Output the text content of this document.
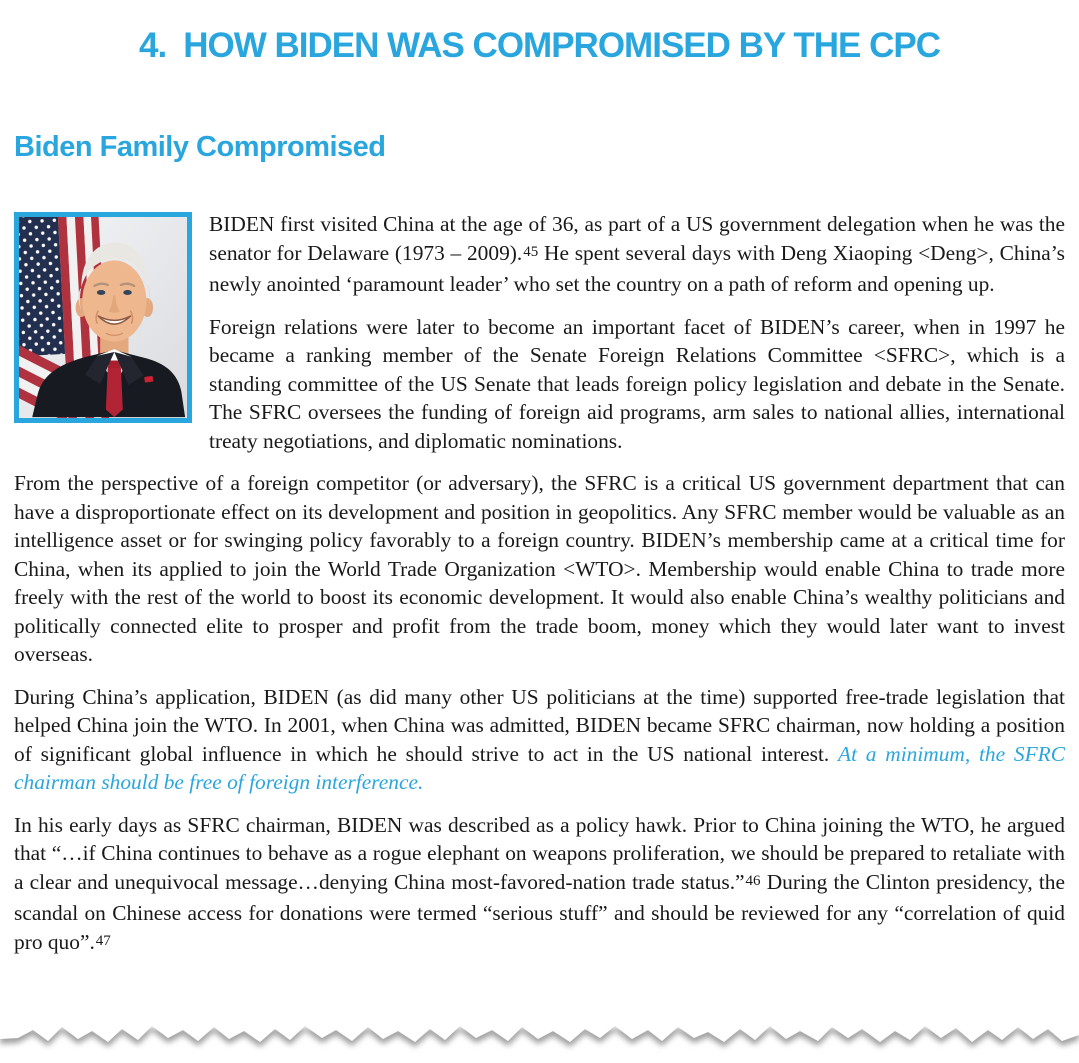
4. HOW BIDEN WAS COMPROMISED BY THE CPC
Biden Family Compromised

BIDEN first visited China at the age of 36, as part of a US government delegation when he was the senator for Delaware (1973 – 2009).45 He spent several days with Deng Xiaoping <Deng>, China’s newly anointed ‘paramount leader’ who set the country on a path of reform and opening up.

Foreign relations were later to become an important facet of BIDEN’s career, when in 1997 he became a ranking member of the Senate Foreign Relations Committee <SFRC>, which is a standing committee of the US Senate that leads foreign policy legislation and debate in the Senate. The SFRC oversees the funding of foreign aid programs, arm sales to national allies, international treaty negotiations, and diplomatic nominations.

From the perspective of a foreign competitor (or adversary), the SFRC is a critical US government department that can have a disproportionate effect on its development and position in geopolitics. Any SFRC member would be valuable as an intelligence asset or for swinging policy favorably to a foreign country. BIDEN’s membership came at a critical time for China, when its applied to join the World Trade Organization <WTO>. Membership would enable China to trade more freely with the rest of the world to boost its economic development. It would also enable China’s wealthy politicians and politically connected elite to prosper and profit from the trade boom, money which they would later want to invest overseas.

During China’s application, BIDEN (as did many other US politicians at the time) supported free-trade legislation that helped China join the WTO. In 2001, when China was admitted, BIDEN became SFRC chairman, now holding a position of significant global influence in which he should strive to act in the US national interest. At a minimum, the SFRC chairman should be free of foreign interference.

In his early days as SFRC chairman, BIDEN was described as a policy hawk. Prior to China joining the WTO, he argued that “…if China continues to behave as a rogue elephant on weapons proliferation, we should be prepared to retaliate with a clear and unequivocal message…denying China most-favored-nation trade status.”46 During the Clinton presidency, the scandal on Chinese access for donations were termed “serious stuff” and should be reviewed for any “correlation of quid pro quo”.47
